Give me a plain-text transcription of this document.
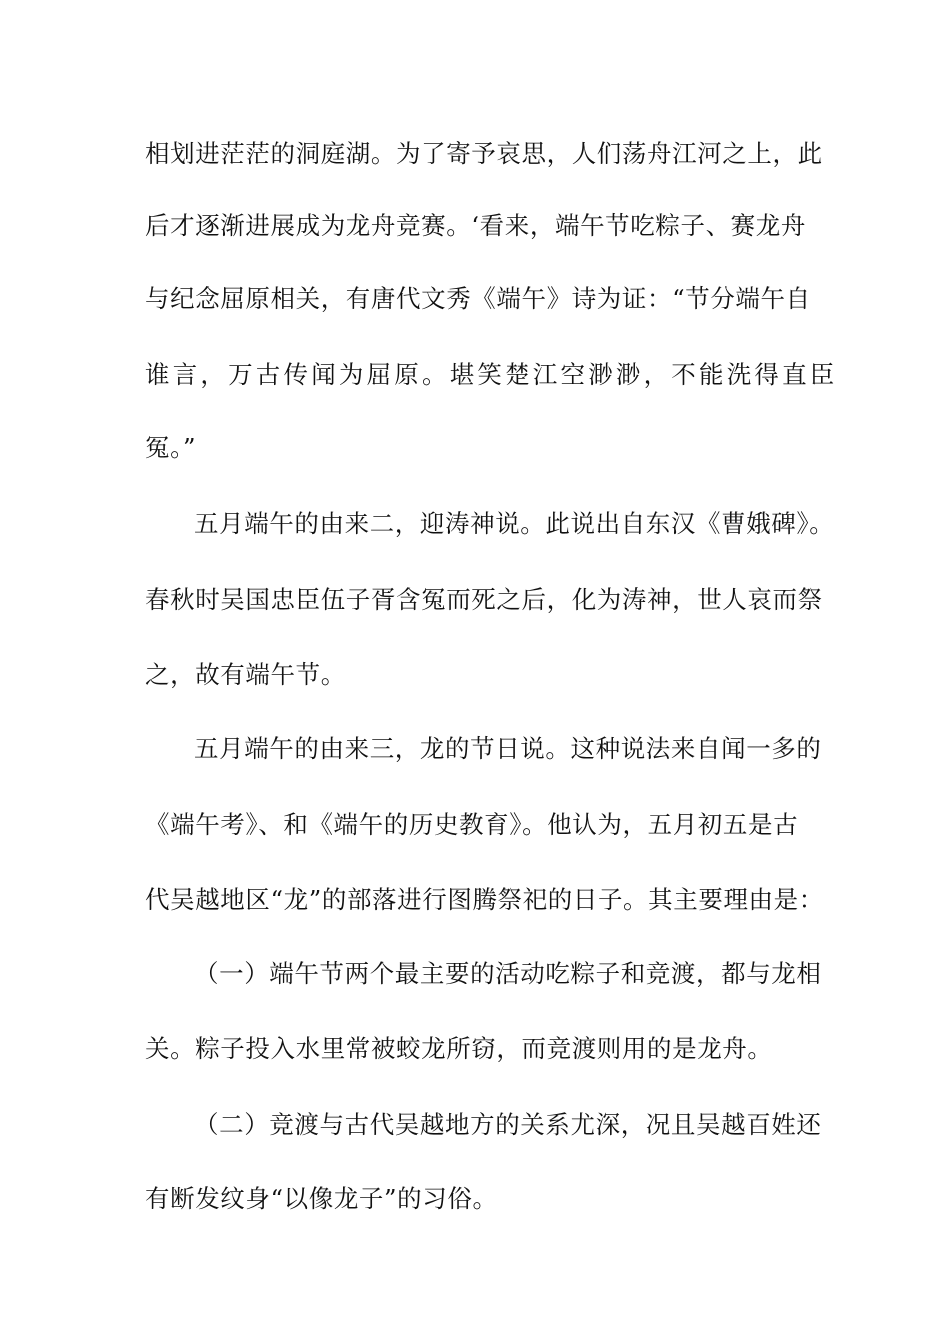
相划进茫茫的洞庭湖。为了寄予哀思，人们荡舟江河之上，此
后才逐渐进展成为龙舟竞赛。‘看来，端午节吃粽子、赛龙舟
与纪念屈原相关，有唐代文秀《端午》诗为证：“节分端午自
谁言，万古传闻为屈原。堪笑楚江空渺渺，不能洗得直臣
冤。”
五月端午的由来二，迎涛神说。此说出自东汉《曹娥碑》。
春秋时吴国忠臣伍子胥含冤而死之后，化为涛神，世人哀而祭
之，故有端午节。
五月端午的由来三，龙的节日说。这种说法来自闻一多的
《端午考》、和《端午的历史教育》。他认为，五月初五是古
代吴越地区“龙”的部落进行图腾祭祀的日子。其主要理由是：
（一）端午节两个最主要的活动吃粽子和竞渡，都与龙相
关。粽子投入水里常被蛟龙所窃，而竞渡则用的是龙舟。
（二）竞渡与古代吴越地方的关系尤深，况且吴越百姓还
有断发纹身“以像龙子”的习俗。
